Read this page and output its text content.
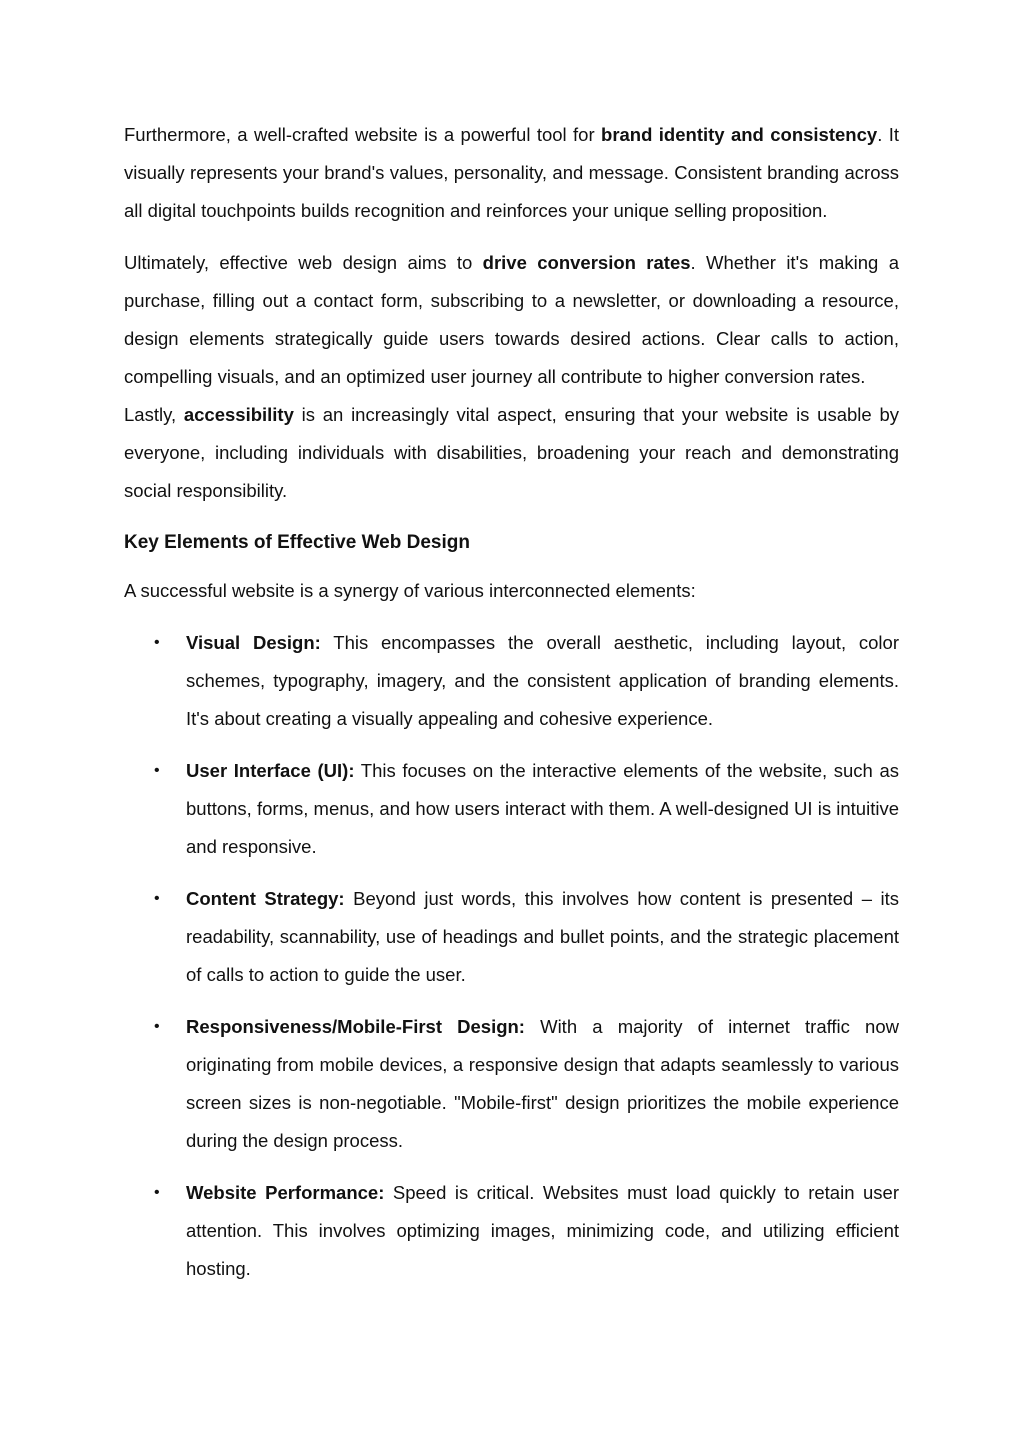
Furthermore, a well-crafted website is a powerful tool for brand identity and consistency. It visually represents your brand's values, personality, and message. Consistent branding across all digital touchpoints builds recognition and reinforces your unique selling proposition.

Ultimately, effective web design aims to drive conversion rates. Whether it's making a purchase, filling out a contact form, subscribing to a newsletter, or downloading a resource, design elements strategically guide users towards desired actions. Clear calls to action, compelling visuals, and an optimized user journey all contribute to higher conversion rates.

Lastly, accessibility is an increasingly vital aspect, ensuring that your website is usable by everyone, including individuals with disabilities, broadening your reach and demonstrating social responsibility.

Key Elements of Effective Web Design

A successful website is a synergy of various interconnected elements:

• Visual Design: This encompasses the overall aesthetic, including layout, color schemes, typography, imagery, and the consistent application of branding elements. It's about creating a visually appealing and cohesive experience.
• User Interface (UI): This focuses on the interactive elements of the website, such as buttons, forms, menus, and how users interact with them. A well-designed UI is intuitive and responsive.
• Content Strategy: Beyond just words, this involves how content is presented – its readability, scannability, use of headings and bullet points, and the strategic placement of calls to action to guide the user.
• Responsiveness/Mobile-First Design: With a majority of internet traffic now originating from mobile devices, a responsive design that adapts seamlessly to various screen sizes is non-negotiable. "Mobile-first" design prioritizes the mobile experience during the design process.
• Website Performance: Speed is critical. Websites must load quickly to retain user attention. This involves optimizing images, minimizing code, and utilizing efficient hosting.
